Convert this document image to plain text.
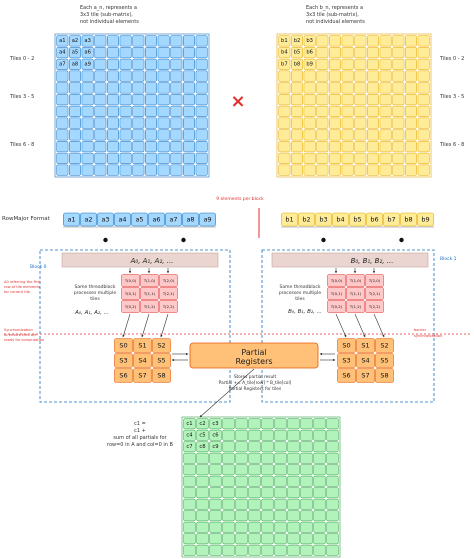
a1 a2 a3
a4 a5 a6
a7 a8 a9
b1 b2 b3
b4 b5 b6
b7 b8 b9
c1 c2 c3
c4 c5 c6
c7 c8 c9
Each a_n, represents a
3x3 tile (sub-matrix),
not individual elements
Each b_n, represents a
3x3 tile (sub-matrix),
not individual elements
Tiles 0 - 2
Tiles 3 - 5
Tiles 6 - 8
Tiles 0 - 2
Tiles 3 - 5
Tiles 6 - 8
×
RowMajor Format
9 elements per block
a1 a2 a3 a4 a5 a6 a7 a8 a9	b1 b2 b3 b4 b5 b6 b7 b8 b9
Block 0
Block 1
A₀, A₁, A₂, ...	B₀, B₁, B₂, ...
A0 referring the first
row of tile elements
for current tile
Same threadblock
processes multiple
tiles
A₀, A₁, A₂, ...
Same threadblock
processes multiple
tiles
B₀, B₁, B₂, ...
T(0,0) T(1,0) T(2,0)
T(0,1) T(1,1) T(2,1)
T(0,2) T(1,2) T(2,2)
T(0,0) T(1,0) T(2,0)
T(0,1) T(1,1) T(2,1)
T(0,2) T(1,2) T(2,2)
Synchronization
to ensure tiles are
ready for computation
barrier
synchronization
S0 S1 S2
S3 S4 S5
S6 S7 S8
S0 S1 S2
S3 S4 S5
S6 S7 S8
Partial
Registers
Stores partial result
Partial += A_tile[row] * B_tile[col]
Partial Registers for tiles
c1 =
c1 +
sum of all partials for
row=0 in A and col=0 in B
